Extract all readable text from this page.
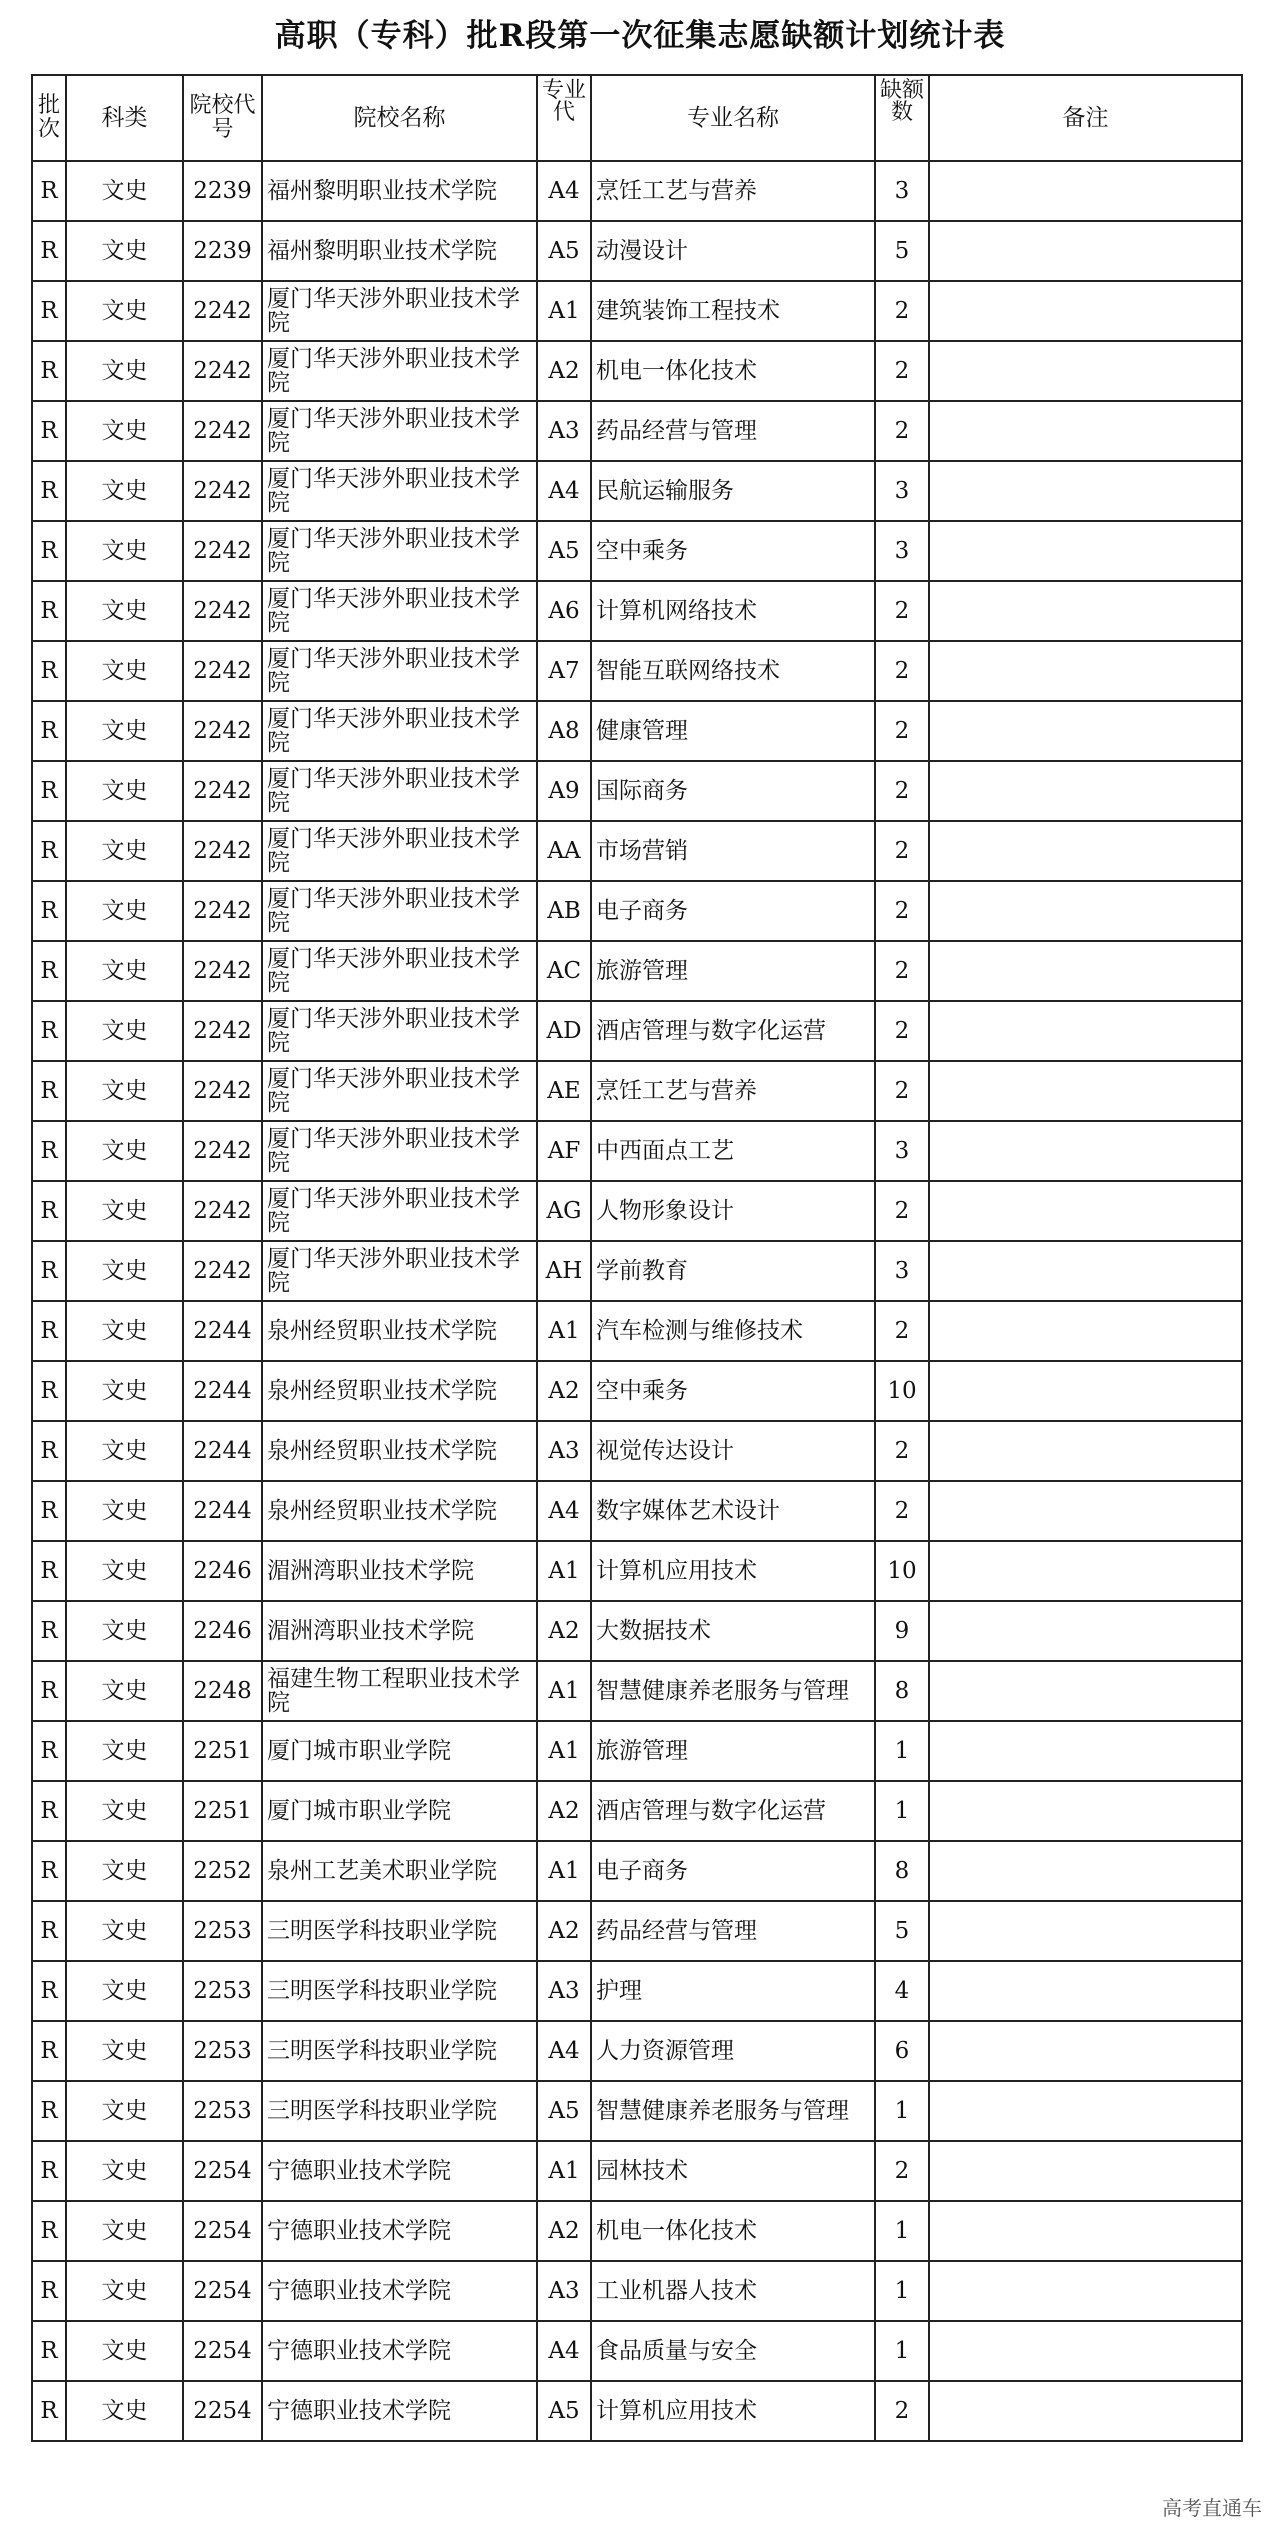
高职（专科）批R段第一次征集志愿缺额计划统计表
批次	科类	院校代号	院校名称	专业代	专业名称	缺额数	备注
R	文史	2239	福州黎明职业技术学院	A4	烹饪工艺与营养	3	
R	文史	2239	福州黎明职业技术学院	A5	动漫设计	5	
R	文史	2242	厦门华天涉外职业技术学院	A1	建筑装饰工程技术	2	
R	文史	2242	厦门华天涉外职业技术学院	A2	机电一体化技术	2	
R	文史	2242	厦门华天涉外职业技术学院	A3	药品经营与管理	2	
R	文史	2242	厦门华天涉外职业技术学院	A4	民航运输服务	3	
R	文史	2242	厦门华天涉外职业技术学院	A5	空中乘务	3	
R	文史	2242	厦门华天涉外职业技术学院	A6	计算机网络技术	2	
R	文史	2242	厦门华天涉外职业技术学院	A7	智能互联网络技术	2	
R	文史	2242	厦门华天涉外职业技术学院	A8	健康管理	2	
R	文史	2242	厦门华天涉外职业技术学院	A9	国际商务	2	
R	文史	2242	厦门华天涉外职业技术学院	AA	市场营销	2	
R	文史	2242	厦门华天涉外职业技术学院	AB	电子商务	2	
R	文史	2242	厦门华天涉外职业技术学院	AC	旅游管理	2	
R	文史	2242	厦门华天涉外职业技术学院	AD	酒店管理与数字化运营	2	
R	文史	2242	厦门华天涉外职业技术学院	AE	烹饪工艺与营养	2	
R	文史	2242	厦门华天涉外职业技术学院	AF	中西面点工艺	3	
R	文史	2242	厦门华天涉外职业技术学院	AG	人物形象设计	2	
R	文史	2242	厦门华天涉外职业技术学院	AH	学前教育	3	
R	文史	2244	泉州经贸职业技术学院	A1	汽车检测与维修技术	2	
R	文史	2244	泉州经贸职业技术学院	A2	空中乘务	10	
R	文史	2244	泉州经贸职业技术学院	A3	视觉传达设计	2	
R	文史	2244	泉州经贸职业技术学院	A4	数字媒体艺术设计	2	
R	文史	2246	湄洲湾职业技术学院	A1	计算机应用技术	10	
R	文史	2246	湄洲湾职业技术学院	A2	大数据技术	9	
R	文史	2248	福建生物工程职业技术学院	A1	智慧健康养老服务与管理	8	
R	文史	2251	厦门城市职业学院	A1	旅游管理	1	
R	文史	2251	厦门城市职业学院	A2	酒店管理与数字化运营	1	
R	文史	2252	泉州工艺美术职业学院	A1	电子商务	8	
R	文史	2253	三明医学科技职业学院	A2	药品经营与管理	5	
R	文史	2253	三明医学科技职业学院	A3	护理	4	
R	文史	2253	三明医学科技职业学院	A4	人力资源管理	6	
R	文史	2253	三明医学科技职业学院	A5	智慧健康养老服务与管理	1	
R	文史	2254	宁德职业技术学院	A1	园林技术	2	
R	文史	2254	宁德职业技术学院	A2	机电一体化技术	1	
R	文史	2254	宁德职业技术学院	A3	工业机器人技术	1	
R	文史	2254	宁德职业技术学院	A4	食品质量与安全	1	
R	文史	2254	宁德职业技术学院	A5	计算机应用技术	2	
高考直通车
